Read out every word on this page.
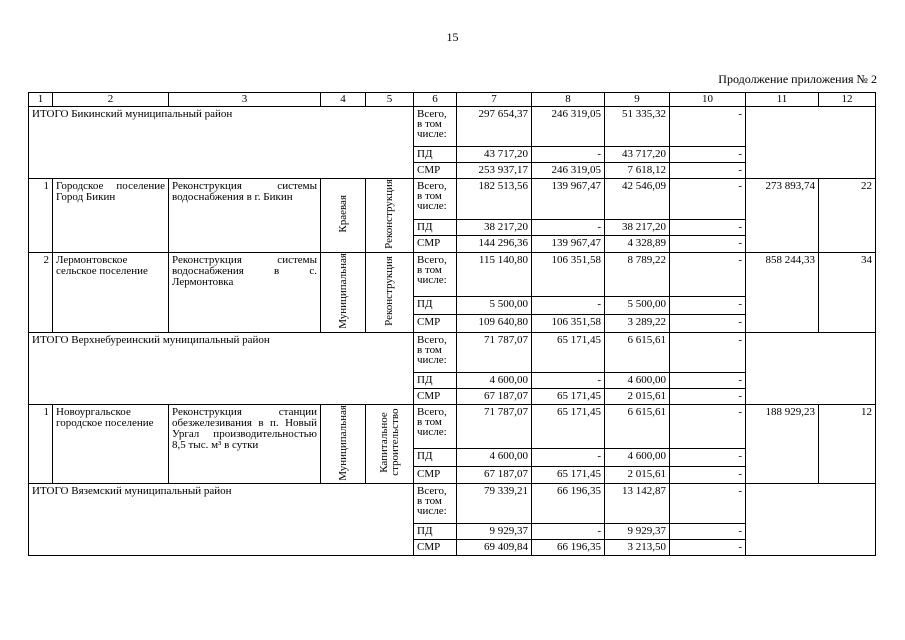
15
Продолжение приложения № 2
1	2	3	4	5	6	7	8	9	10	11	12
ИТОГО Бикинский муниципальный район					Всего, в том числе:	297 654,37	246 319,05	51 335,32	-		
					ПД	43 717,20	-	43 717,20	-		
					СМР	253 937,17	246 319,05	7 618,12	-		
1	Городское поселение Город Бикин	Реконструкция системы водоснабжения в г. Бикин	Краевая	Реконструкция	Всего, в том числе:	182 513,56	139 967,47	42 546,09	-	273 893,74	22
					ПД	38 217,20	-	38 217,20	-		
					СМР	144 296,36	139 967,47	4 328,89	-		
2	Лермонтовское сельское поселение	Реконструкция системы водоснабжения в с. Лермонтовка	Муниципальная	Реконструкция	Всего, в том числе:	115 140,80	106 351,58	8 789,22	-	858 244,33	34
					ПД	5 500,00	-	5 500,00	-		
					СМР	109 640,80	106 351,58	3 289,22	-		
ИТОГО Верхнебуреинский муниципальный район					Всего, в том числе:	71 787,07	65 171,45	6 615,61	-		
					ПД	4 600,00	-	4 600,00	-		
					СМР	67 187,07	65 171,45	2 015,61	-		
1	Новоургальское городское поселение	Реконструкция станции обезжелезивания в п. Новый Ургал производительностью 8,5 тыс. м³ в сутки	Муниципальная	Капитальное строительство	Всего, в том числе:	71 787,07	65 171,45	6 615,61	-	188 929,23	12
					ПД	4 600,00	-	4 600,00	-		
					СМР	67 187,07	65 171,45	2 015,61	-		
ИТОГО Вяземский муниципальный район					Всего, в том числе:	79 339,21	66 196,35	13 142,87	-		
					ПД	9 929,37	-	9 929,37	-		
					СМР	69 409,84	66 196,35	3 213,50	-		
